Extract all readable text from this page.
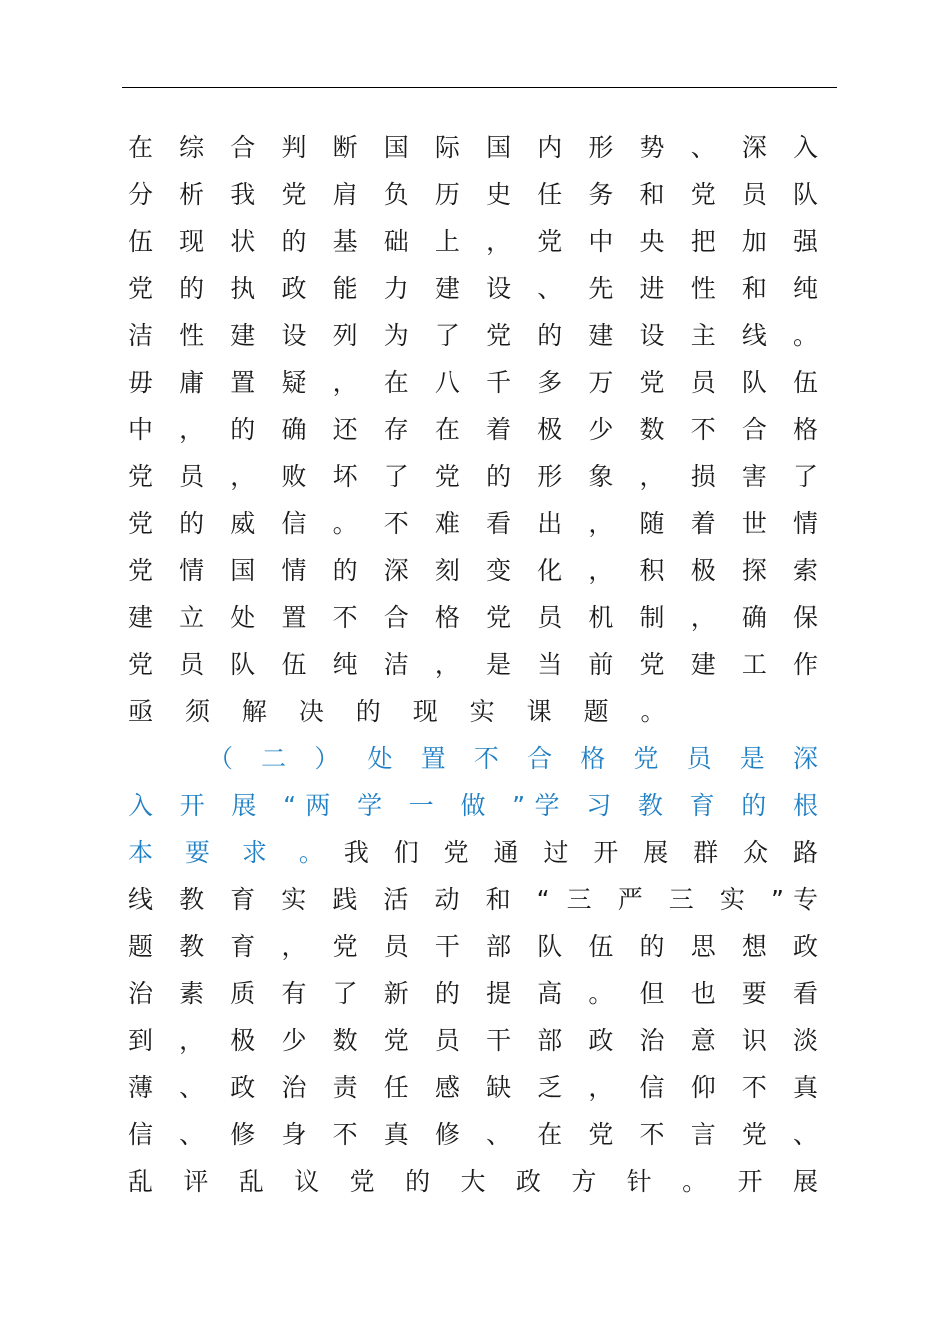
在 综 合 判 断 国 际 国 内 形 势 、 深 入
分 析 我 党 肩 负 历 史 任 务 和 党 员 队
伍 现 状 的 基 础 上 ， 党 中 央 把 加 强
党 的 执 政 能 力 建 设 、 先 进 性 和 纯
洁 性 建 设 列 为 了 党 的 建 设 主 线 。
毋 庸 置 疑 ， 在 八 千 多 万 党 员 队 伍
中 ， 的 确 还 存 在 着 极 少 数 不 合 格
党 员 ， 败 坏 了 党 的 形 象 ， 损 害 了
党 的 威 信 。 不 难 看 出 ， 随 着 世 情
党 情 国 情 的 深 刻 变 化 ， 积 极 探 索
建 立 处 置 不 合 格 党 员 机 制 ， 确 保
党 员 队 伍 纯 洁 ， 是 当 前 党 建 工 作
亟 须 解 决 的 现 实 课 题 。
（ 二 ） 处 置 不 合 格 党 员 是 深
入 开 展 “两 学 一 做 ”学 习 教 育 的 根
本 要 求 。 我 们 党 通 过 开 展 群 众 路
线 教 育 实 践 活 动 和 “ 三 严 三 实 ”专
题 教 育 ， 党 员 干 部 队 伍 的 思 想 政
治 素 质 有 了 新 的 提 高 。 但 也 要 看
到 ， 极 少 数 党 员 干 部 政 治 意 识 淡
薄 、 政 治 责 任 感 缺 乏 ， 信 仰 不 真
信 、 修 身 不 真 修 、 在 党 不 言 党 、
乱 评 乱 议 党 的 大 政 方 针 。 开 展
